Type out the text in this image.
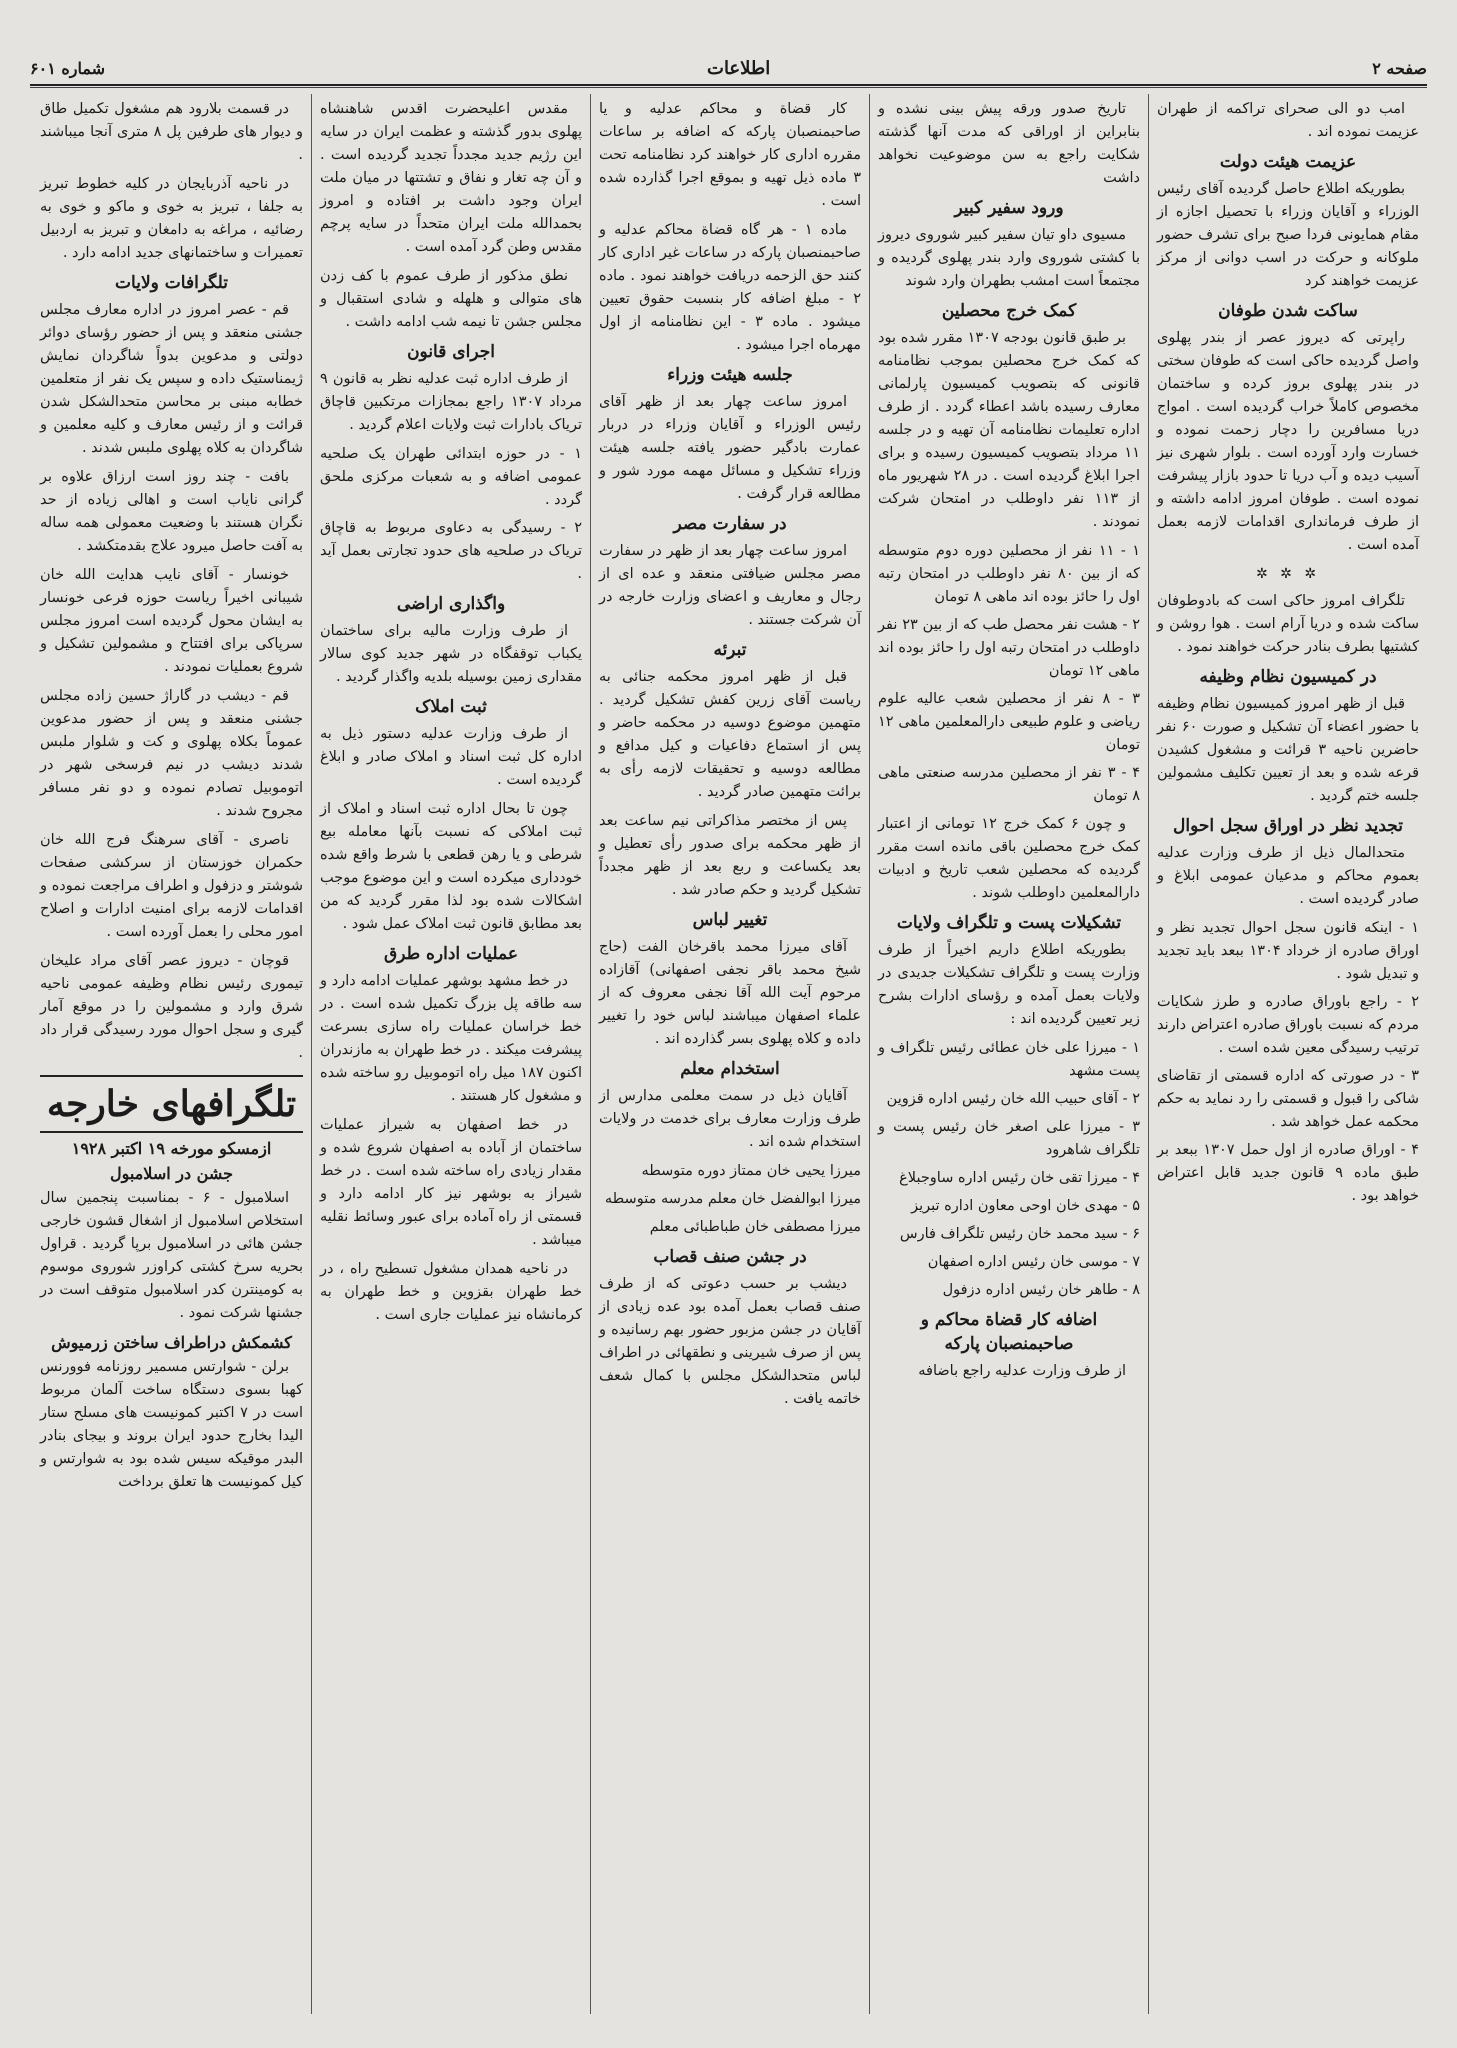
صفحه ۲
اطلاعات
شماره ۶۰۱

امب دو الی صحرای تراکمه از طهران عزیمت نموده اند .

عزیمت هیئت دولت

بطوریکه اطلاع حاصل گردیده آقای رئیس الوزراء و آقایان وزراء با تحصیل اجازه از مقام همایونی فردا صبح برای تشرف حضور ملوکانه و حرکت در اسب دوانی از مرکز عزیمت خواهند کرد

ساکت شدن طوفان

راپرتی که دیروز عصر از بندر پهلوی واصل گردیده حاکی است که طوفان سختی در بندر پهلوی بروز کرده و ساختمان مخصوص کاملاً خراب گردیده است . امواج دریا مسافرین را دچار زحمت نموده و خسارت وارد آورده است . بلوار شهری نیز آسیب دیده و آب دریا تا حدود بازار پیشرفت نموده است . طوفان امروز ادامه داشته و از طرف فرمانداری اقدامات لازمه بعمل آمده است .

✲ ✲ ✲

تلگراف امروز حاکی است که بادوطوفان ساکت شده و دریا آرام است . هوا روشن و کشتیها بطرف بنادر حرکت خواهند نمود .

در کمیسیون نظام وظیفه

قبل از ظهر امروز کمیسیون نظام وظیفه با حضور اعضاء آن تشکیل و صورت ۶۰ نفر حاضرین ناحیه ۳ قرائت و مشغول کشیدن قرعه شده و بعد از تعیین تکلیف مشمولین جلسه ختم گردید .

تجدید نظر در اوراق سجل احوال

متحدالمال ذیل از طرف وزارت عدلیه بعموم محاکم و مدعیان عمومی ابلاغ و صادر گردیده است .

۱ - اینکه قانون سجل احوال تجدید نظر و اوراق صادره از خرداد ۱۳۰۴ ببعد باید تجدید و تبدیل شود .
۲ - راجع باوراق صادره و طرز شکایات مردم که نسبت باوراق صادره اعتراض دارند ترتیب رسیدگی معین شده است .
۳ - در صورتی که اداره قسمتی از تقاضای شاکی را قبول و قسمتی را رد نماید به حکم محکمه عمل خواهد شد .
۴ - اوراق صادره از اول حمل ۱۳۰۷ ببعد بر طبق ماده ۹ قانون جدید قابل اعتراض خواهد بود .

تاریخ صدور ورقه پیش بینی نشده و بنابراین از اوراقی که مدت آنها گذشته شکایت راجع به سن موضوعیت نخواهد داشت

ورود سفیر کبیر

مسیوی داو تیان سفیر کبیر شوروی دیروز با کشتی شوروی وارد بندر پهلوی گردیده و مجتمعاً است امشب بطهران وارد شوند

کمک خرج محصلین

بر طبق قانون بودجه ۱۳۰۷ مقرر شده بود که کمک خرج محصلین بموجب نظامنامه قانونی که بتصویب کمیسیون پارلمانی معارف رسیده باشد اعطاء گردد . از طرف اداره تعلیمات نظامنامه آن تهیه و در جلسه ۱۱ مرداد بتصویب کمیسیون رسیده و برای اجرا ابلاغ گردیده است . در ۲۸ شهریور ماه از ۱۱۳ نفر داوطلب در امتحان شرکت نمودند .

۱ - ۱۱ نفر از محصلین دوره دوم متوسطه که از بین ۸۰ نفر داوطلب در امتحان رتبه اول را حائز بوده اند ماهی ۸ تومان
۲ - هشت نفر محصل طب که از بین ۲۳ نفر داوطلب در امتحان رتبه اول را حائز بوده اند ماهی ۱۲ تومان
۳ - ۸ نفر از محصلین شعب عالیه علوم ریاضی و علوم طبیعی دارالمعلمین ماهی ۱۲ تومان
۴ - ۳ نفر از محصلین مدرسه صنعتی ماهی ۸ تومان

و چون ۶ کمک خرج ۱۲ تومانی از اعتبار کمک خرج محصلین باقی مانده است مقرر گردیده که محصلین شعب تاریخ و ادبیات دارالمعلمین داوطلب شوند .

تشکیلات پست و تلگراف ولایات

بطوریکه اطلاع داریم اخیراً از طرف وزارت پست و تلگراف تشکیلات جدیدی در ولایات بعمل آمده و رؤسای ادارات بشرح زیر تعیین گردیده اند :

۱ - میرزا علی خان عطائی رئیس تلگراف و پست مشهد
۲ - آقای حبیب الله خان رئیس اداره قزوین
۳ - میرزا علی اصغر خان رئیس پست و تلگراف شاهرود
۴ - میرزا تقی خان رئیس اداره ساوجبلاغ
۵ - مهدی خان اوحی معاون اداره تبریز
۶ - سید محمد خان رئیس تلگراف فارس
۷ - موسی خان رئیس اداره اصفهان
۸ - طاهر خان رئیس اداره دزفول
اضافه کار قضاة محاکم و صاحبمنصبان پارکه

از طرف وزارت عدلیه راجع باضافه

کار قضاة و محاکم عدلیه و یا صاحبمنصبان پارکه که اضافه بر ساعات مقرره اداری کار خواهند کرد نظامنامه تحت ۳ ماده ذیل تهیه و بموقع اجرا گذارده شده است .

ماده ۱ - هر گاه قضاة محاکم عدلیه و صاحبمنصبان پارکه در ساعات غیر اداری کار کنند حق الزحمه دریافت خواهند نمود . ماده ۲ - مبلغ اضافه کار بنسبت حقوق تعیین میشود . ماده ۳ - این نظامنامه از اول مهرماه اجرا میشود .

جلسه هیئت وزراء

امروز ساعت چهار بعد از ظهر آقای رئیس الوزراء و آقایان وزراء در دربار عمارت بادگیر حضور یافته جلسه هیئت وزراء تشکیل و مسائل مهمه مورد شور و مطالعه قرار گرفت .

در سفارت مصر

امروز ساعت چهار بعد از ظهر در سفارت مصر مجلس ضیافتی منعقد و عده ای از رجال و معاریف و اعضای وزارت خارجه در آن شرکت جستند .

تبرئه

قبل از ظهر امروز محکمه جنائی به ریاست آقای زرین کفش تشکیل گردید . متهمین موضوع دوسیه در محکمه حاضر و پس از استماع دفاعیات و کیل مدافع و مطالعه دوسیه و تحقیقات لازمه رأی به برائت متهمین صادر گردید .

پس از مختصر مذاکراتی نیم ساعت بعد از ظهر محکمه برای صدور رأی تعطیل و بعد یکساعت و ربع بعد از ظهر مجدداً تشکیل گردید و حکم صادر شد .

تغییر لباس

آقای میرزا محمد باقرخان الفت (حاج شیخ محمد باقر نجفی اصفهانی) آقازاده مرحوم آیت الله آقا نجفی معروف که از علماء اصفهان میباشند لباس خود را تغییر داده و کلاه پهلوی بسر گذارده اند .

استخدام معلم

آقایان ذیل در سمت معلمی مدارس از طرف وزارت معارف برای خدمت در ولایات استخدام شده اند .

میرزا یحیی خان ممتاز دوره متوسطه
میرزا ابوالفضل خان معلم مدرسه متوسطه
میرزا مصطفی خان طباطبائی معلم
در جشن صنف قصاب

دیشب بر حسب دعوتی که از طرف صنف قصاب بعمل آمده بود عده زیادی از آقایان در جشن مزبور حضور بهم رسانیده و پس از صرف شیرینی و نطقهائی در اطراف لباس متحدالشکل مجلس با کمال شعف خاتمه یافت .

مقدس اعلیحضرت اقدس شاهنشاه پهلوی بدور گذشته و عظمت ایران در سایه این رژیم جدید مجدداً تجدید گردیده است . و آن چه تغار و نفاق و تشتتها در میان ملت ایران وجود داشت بر افتاده و امروز بحمدالله ملت ایران متحداً در سایه پرچم مقدس وطن گرد آمده است .

نطق مذکور از طرف عموم با کف زدن های متوالی و هلهله و شادی استقبال و مجلس جشن تا نیمه شب ادامه داشت .

اجرای قانون

از طرف اداره ثبت عدلیه نظر به قانون ۹ مرداد ۱۳۰۷ راجع بمجازات مرتکبین قاچاق تریاک بادارات ثبت ولایات اعلام گردید .

۱ - در حوزه ابتدائی طهران یک صلحیه عمومی اضافه و به شعبات مرکزی ملحق گردد .
۲ - رسیدگی به دعاوی مربوط به قاچاق تریاک در صلحیه های حدود تجارتی بعمل آید .
واگذاری اراضی

از طرف وزارت مالیه برای ساختمان یکباب توقفگاه در شهر جدید کوی سالار مقداری زمین بوسیله بلدیه واگذار گردید .

ثبت املاک

از طرف وزارت عدلیه دستور ذیل به اداره کل ثبت اسناد و املاک صادر و ابلاغ گردیده است .

چون تا بحال اداره ثبت اسناد و املاک از ثبت املاکی که نسبت بآنها معامله بیع شرطی و یا رهن قطعی با شرط واقع شده خودداری میکرده است و این موضوع موجب اشکالات شده بود لذا مقرر گردید که من بعد مطابق قانون ثبت املاک عمل شود .

عملیات اداره طرق

در خط مشهد بوشهر عملیات ادامه دارد و سه طاقه پل بزرگ تکمیل شده است . در خط خراسان عملیات راه سازی بسرعت پیشرفت میکند . در خط طهران به مازندران اکنون ۱۸۷ میل راه اتوموبیل رو ساخته شده و مشغول کار هستند .

در خط اصفهان به شیراز عملیات ساختمان از آباده به اصفهان شروع شده و مقدار زیادی راه ساخته شده است . در خط شیراز به بوشهر نیز کار ادامه دارد و قسمتی از راه آماده برای عبور وسائط نقلیه میباشد .

در ناحیه همدان مشغول تسطیح راه ، در خط طهران بقزوین و خط طهران به کرمانشاه نیز عملیات جاری است .

در قسمت بلارود هم مشغول تکمیل طاق و دیوار های طرفین پل ۸ متری آنجا میباشند .

در ناحیه آذربایجان در کلیه خطوط تبریز به جلفا ، تبریز به خوی و ماکو و خوی به رضائیه ، مراغه به دامغان و تبریز به اردبیل تعمیرات و ساختمانهای جدید ادامه دارد .

تلگرافات ولایات

قم - عصر امروز در اداره معارف مجلس جشنی منعقد و پس از حضور رؤسای دوائر دولتی و مدعوین بدواً شاگردان نمایش ژیمناستیک داده و سپس یک نفر از متعلمین خطابه مبنی بر محاسن متحدالشکل شدن قرائت و از رئیس معارف و کلیه معلمین و شاگردان به کلاه پهلوی ملبس شدند .

بافت - چند روز است ارزاق علاوه بر گرانی نایاب است و اهالی زیاده از حد نگران هستند با وضعیت معمولی همه ساله به آفت حاصل میرود علاج بقدمتکشد .

خونسار - آقای نایب هدایت الله خان شیبانی اخیراً ریاست حوزه فرعی خونسار به ایشان محول گردیده است امروز مجلس سرپاکی برای افتتاح و مشمولین تشکیل و شروع بعملیات نمودند .

قم - دیشب در گاراژ حسین زاده مجلس جشنی منعقد و پس از حضور مدعوین عموماً بکلاه پهلوی و کت و شلوار ملبس شدند دیشب در نیم فرسخی شهر در اتوموبیل تصادم نموده و دو نفر مسافر مجروح شدند .

ناصری - آقای سرهنگ فرج الله خان حکمران خوزستان از سرکشی صفحات شوشتر و دزفول و اطراف مراجعت نموده و اقدامات لازمه برای امنیت ادارات و اصلاح امور محلی را بعمل آورده است .

قوچان - دیروز عصر آقای مراد علیخان تیموری رئیس نظام وظیفه عمومی ناحیه شرق وارد و مشمولین را در موقع آمار گیری و سجل احوال مورد رسیدگی قرار داد .

تلگرافهای خارجه
ازمسکو مورخه ۱۹ اکتبر ۱۹۲۸
جشن در اسلامبول

اسلامبول - ۶ - بمناسبت پنجمین سال استخلاص اسلامبول از اشغال قشون خارجی جشن هائی در اسلامبول برپا گردید . قراول بحریه سرخ کشتی کراوزر شوروی موسوم به کومینترن کدر اسلامبول متوقف است در جشنها شرکت نمود .

کشمکش دراطراف ساختن زرمیوش

برلن - شوارتس مسمیر روزنامه فوورنس کهبا بسوی دستگاه ساخت آلمان مربوط است در ۷ اکتبر کمونیست های مسلح ستار الیدا بخارج حدود ایران بروند و بیجای بنادر البدر موقیکه سیس شده بود به شوارتس و کیل کمونیست ها تعلق برداخت
